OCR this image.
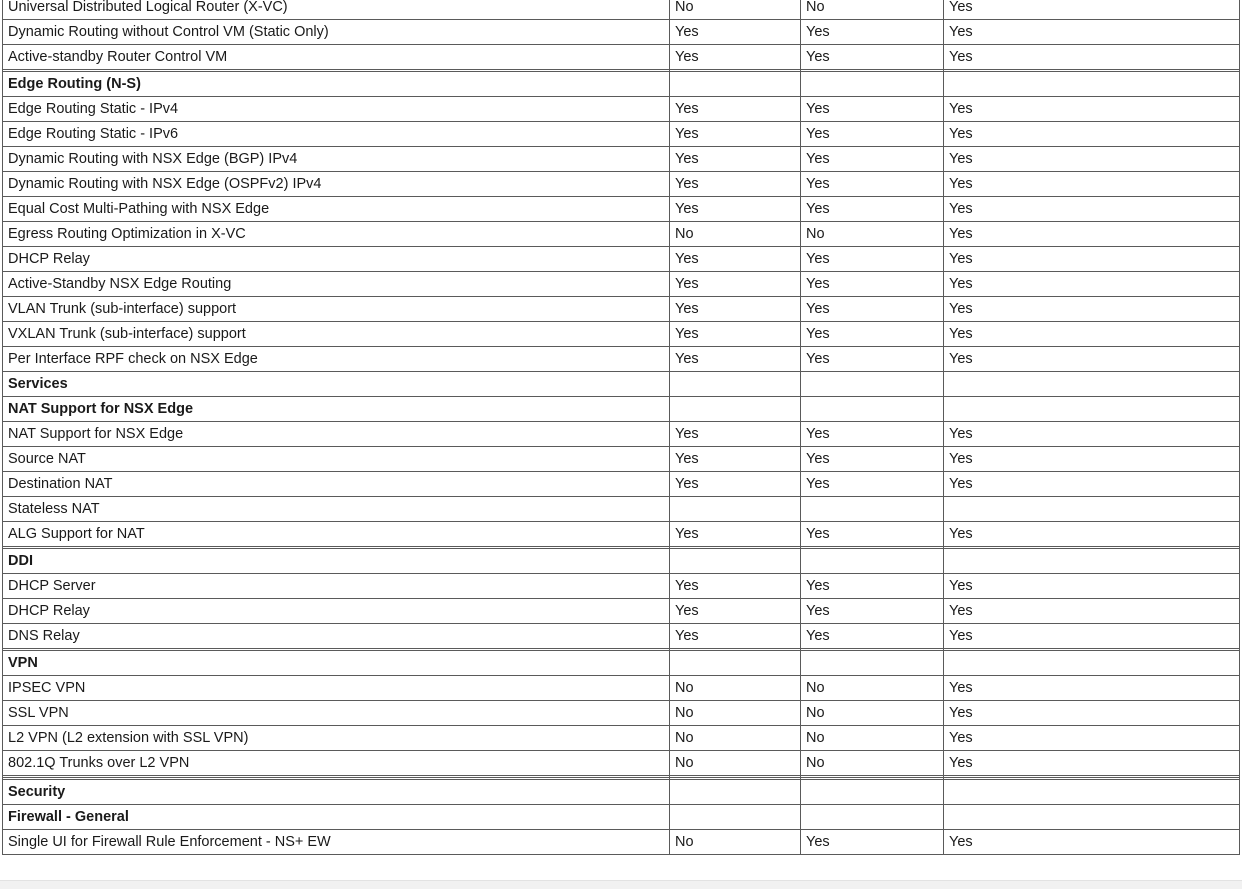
Universal Distributed Logical Router (X-VC)	No	No	Yes
Dynamic Routing without Control VM (Static Only)	Yes	Yes	Yes
Active-standby Router Control VM	Yes	Yes	Yes

Edge Routing (N-S)			
Edge Routing Static - IPv4	Yes	Yes	Yes
Edge Routing Static - IPv6	Yes	Yes	Yes
Dynamic Routing with NSX Edge (BGP) IPv4	Yes	Yes	Yes
Dynamic Routing with NSX Edge (OSPFv2) IPv4	Yes	Yes	Yes
Equal Cost Multi-Pathing with NSX Edge	Yes	Yes	Yes
Egress Routing Optimization in X-VC	No	No	Yes
DHCP Relay	Yes	Yes	Yes
Active-Standby NSX Edge Routing	Yes	Yes	Yes
VLAN Trunk (sub-interface) support	Yes	Yes	Yes
VXLAN Trunk (sub-interface) support	Yes	Yes	Yes
Per Interface RPF check on NSX Edge	Yes	Yes	Yes
Services			
NAT Support for NSX Edge			
NAT Support for NSX Edge	Yes	Yes	Yes
Source NAT	Yes	Yes	Yes
Destination NAT	Yes	Yes	Yes
Stateless NAT			
ALG Support for NAT	Yes	Yes	Yes

DDI			
DHCP Server	Yes	Yes	Yes
DHCP Relay	Yes	Yes	Yes
DNS Relay	Yes	Yes	Yes

VPN			
IPSEC VPN	No	No	Yes
SSL VPN	No	No	Yes
L2 VPN (L2 extension with SSL VPN)	No	No	Yes
802.1Q Trunks over L2 VPN	No	No	Yes

Security			
Firewall - General			
Single UI for Firewall Rule Enforcement - NS+ EW	No	Yes	Yes
